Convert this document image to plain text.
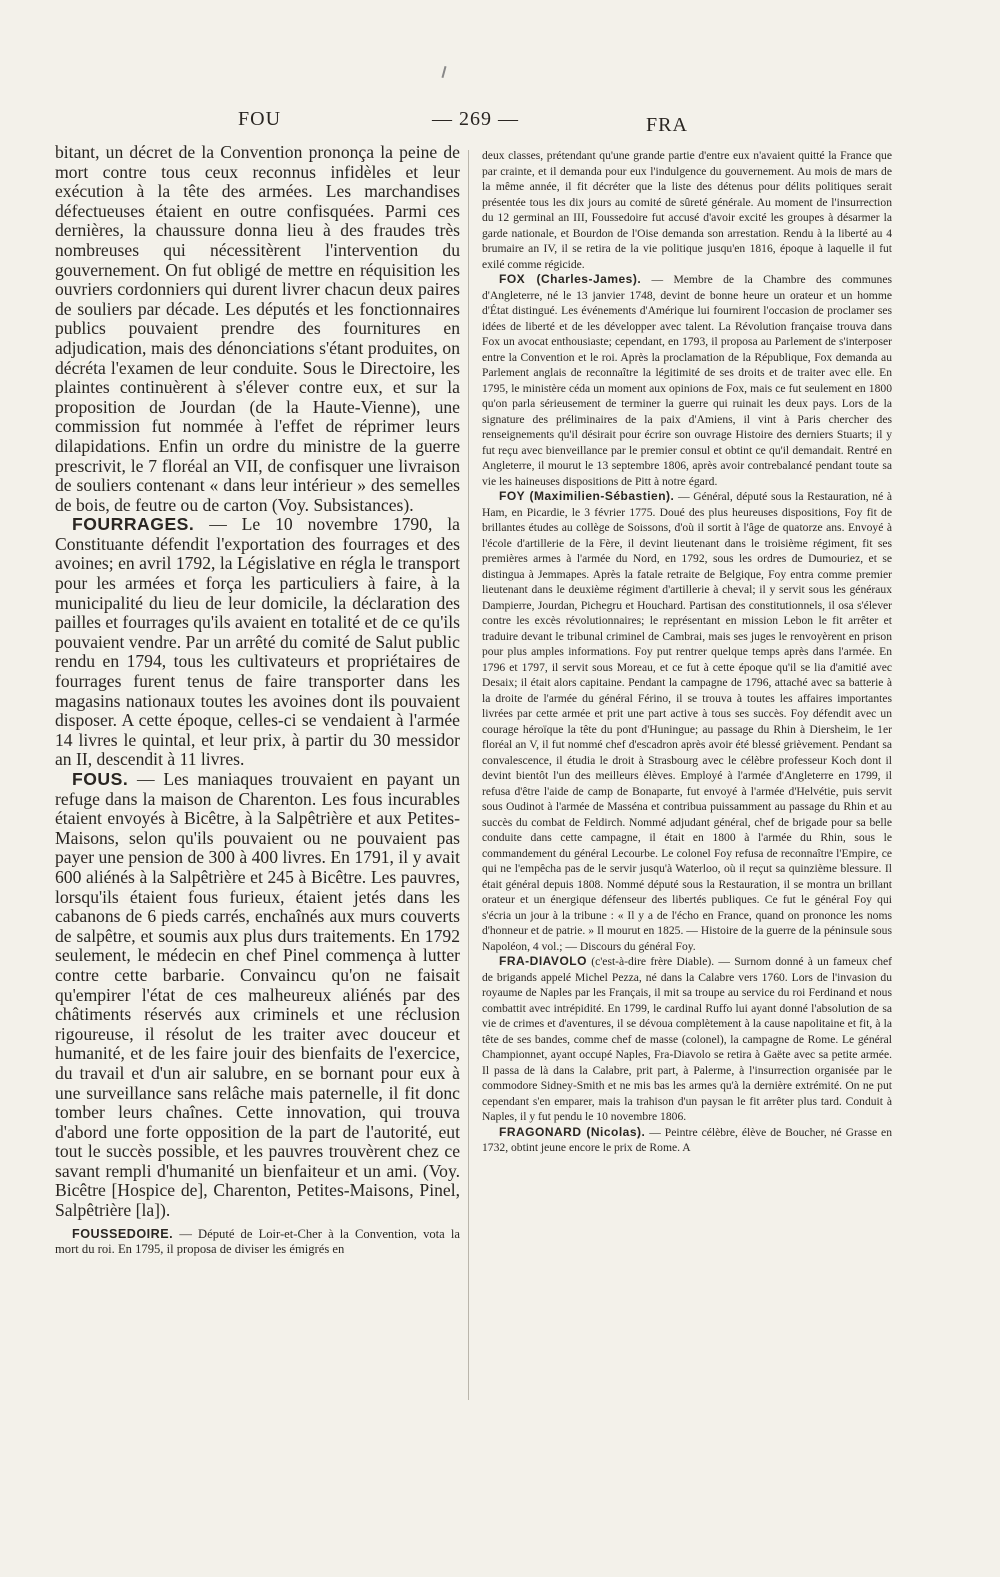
FOU	— 269 —	FRA

bitant, un décret de la Convention prononça la peine de mort contre tous ceux reconnus infidèles et leur exécution à la tête des armées. Les marchandises défectueuses étaient en outre confisquées. Parmi ces dernières, la chaussure donna lieu à des fraudes très nombreuses qui nécessitèrent l'intervention du gouvernement. On fut obligé de mettre en réquisition les ouvriers cordonniers qui durent livrer chacun deux paires de souliers par décade. Les députés et les fonctionnaires publics pouvaient prendre des fournitures en adjudication, mais des dénonciations s'étant produites, on décréta l'examen de leur conduite. Sous le Directoire, les plaintes continuèrent à s'élever contre eux, et sur la proposition de Jourdan (de la Haute-Vienne), une commission fut nommée à l'effet de réprimer leurs dilapidations. Enfin un ordre du ministre de la guerre prescrivit, le 7 floréal an VII, de confisquer une livraison de souliers contenant « dans leur intérieur » des semelles de bois, de feutre ou de carton (Voy. Subsistances).

FOURRAGES. — Le 10 novembre 1790, la Constituante défendit l'exportation des fourrages et des avoines; en avril 1792, la Législative en régla le transport pour les armées et força les particuliers à faire, à la municipalité du lieu de leur domicile, la déclaration des pailles et fourrages qu'ils avaient en totalité et de ce qu'ils pouvaient vendre. Par un arrêté du comité de Salut public rendu en 1794, tous les cultivateurs et propriétaires de fourrages furent tenus de faire transporter dans les magasins nationaux toutes les avoines dont ils pouvaient disposer. A cette époque, celles-ci se vendaient à l'armée 14 livres le quintal, et leur prix, à partir du 30 messidor an II, descendit à 11 livres.

FOUS. — Les maniaques trouvaient en payant un refuge dans la maison de Charenton. Les fous incurables étaient envoyés à Bicêtre, à la Salpêtrière et aux Petites-Maisons, selon qu'ils pouvaient ou ne pouvaient pas payer une pension de 300 à 400 livres. En 1791, il y avait 600 aliénés à la Salpêtrière et 245 à Bicêtre. Les pauvres, lorsqu'ils étaient fous furieux, étaient jetés dans les cabanons de 6 pieds carrés, enchaînés aux murs couverts de salpêtre, et soumis aux plus durs traitements. En 1792 seulement, le médecin en chef Pinel commença à lutter contre cette barbarie. Convaincu qu'on ne faisait qu'empirer l'état de ces malheureux aliénés par des châtiments réservés aux criminels et une réclusion rigoureuse, il résolut de les traiter avec douceur et humanité, et de les faire jouir des bienfaits de l'exercice, du travail et d'un air salubre, en se bornant pour eux à une surveillance sans relâche mais paternelle, il fit donc tomber leurs chaînes. Cette innovation, qui trouva d'abord une forte opposition de la part de l'autorité, eut tout le succès possible, et les pauvres trouvèrent chez ce savant rempli d'humanité un bienfaiteur et un ami. (Voy. Bicêtre [Hospice de], Charenton, Petites-Maisons, Pinel, Salpêtrière [la]).

FOUSSEDOIRE. — Député de Loir-et-Cher à la Convention, vota la mort du roi. En 1795, il proposa de diviser les émigrés en

deux classes, prétendant qu'une grande partie d'entre eux n'avaient quitté la France que par crainte, et il demanda pour eux l'indulgence du gouvernement. Au mois de mars de la même année, il fit décréter que la liste des détenus pour délits politiques serait présentée tous les dix jours au comité de sûreté générale. Au moment de l'insurrection du 12 germinal an III, Foussedoire fut accusé d'avoir excité les groupes à désarmer la garde nationale, et Bourdon de l'Oise demanda son arrestation. Rendu à la liberté au 4 brumaire an IV, il se retira de la vie politique jusqu'en 1816, époque à laquelle il fut exilé comme régicide.

FOX (Charles-James). — Membre de la Chambre des communes d'Angleterre, né le 13 janvier 1748, devint de bonne heure un orateur et un homme d'État distingué. Les événements d'Amérique lui fournirent l'occasion de proclamer ses idées de liberté et de les développer avec talent. La Révolution française trouva dans Fox un avocat enthousiaste; cependant, en 1793, il proposa au Parlement de s'interposer entre la Convention et le roi. Après la proclamation de la République, Fox demanda au Parlement anglais de reconnaître la légitimité de ses droits et de traiter avec elle. En 1795, le ministère céda un moment aux opinions de Fox, mais ce fut seulement en 1800 qu'on parla sérieusement de terminer la guerre qui ruinait les deux pays. Lors de la signature des préliminaires de la paix d'Amiens, il vint à Paris chercher des renseignements qu'il désirait pour écrire son ouvrage Histoire des derniers Stuarts; il y fut reçu avec bienveillance par le premier consul et obtint ce qu'il demandait. Rentré en Angleterre, il mourut le 13 septembre 1806, après avoir contrebalancé pendant toute sa vie les haineuses dispositions de Pitt à notre égard.

FOY (Maximilien-Sébastien). — Général, député sous la Restauration, né à Ham, en Picardie, le 3 février 1775. Doué des plus heureuses dispositions, Foy fit de brillantes études au collège de Soissons, d'où il sortit à l'âge de quatorze ans. Envoyé à l'école d'artillerie de la Fère, il devint lieutenant dans le troisième régiment, fit ses premières armes à l'armée du Nord, en 1792, sous les ordres de Dumouriez, et se distingua à Jemmapes. Après la fatale retraite de Belgique, Foy entra comme premier lieutenant dans le deuxième régiment d'artillerie à cheval; il y servit sous les généraux Dampierre, Jourdan, Pichegru et Houchard. Partisan des constitutionnels, il osa s'élever contre les excès révolutionnaires; le représentant en mission Lebon le fit arrêter et traduire devant le tribunal criminel de Cambrai, mais ses juges le renvoyèrent en prison pour plus amples informations. Foy put rentrer quelque temps après dans l'armée. En 1796 et 1797, il servit sous Moreau, et ce fut à cette époque qu'il se lia d'amitié avec Desaix; il était alors capitaine. Pendant la campagne de 1796, attaché avec sa batterie à la droite de l'armée du général Férino, il se trouva à toutes les affaires importantes livrées par cette armée et prit une part active à tous ses succès. Foy défendit avec un courage héroïque la tête du pont d'Huningue; au passage du Rhin à Diersheim, le 1er floréal an V, il fut nommé chef d'escadron après avoir été blessé grièvement. Pendant sa convalescence, il étudia le droit à Strasbourg avec le célèbre professeur Koch dont il devint bientôt l'un des meilleurs élèves. Employé à l'armée d'Angleterre en 1799, il refusa d'être l'aide de camp de Bonaparte, fut envoyé à l'armée d'Helvétie, puis servit sous Oudinot à l'armée de Masséna et contribua puissamment au passage du Rhin et au succès du combat de Feldirch. Nommé adjudant général, chef de brigade pour sa belle conduite dans cette campagne, il était en 1800 à l'armée du Rhin, sous le commandement du général Lecourbe. Le colonel Foy refusa de reconnaître l'Empire, ce qui ne l'empêcha pas de le servir jusqu'à Waterloo, où il reçut sa quinzième blessure. Il était général depuis 1808. Nommé député sous la Restauration, il se montra un brillant orateur et un énergique défenseur des libertés publiques. Ce fut le général Foy qui s'écria un jour à la tribune : « Il y a de l'écho en France, quand on prononce les noms d'honneur et de patrie. » Il mourut en 1825. — Histoire de la guerre de la péninsule sous Napoléon, 4 vol.; — Discours du général Foy.

FRA-DIAVOLO (c'est-à-dire frère Diable). — Surnom donné à un fameux chef de brigands appelé Michel Pezza, né dans la Calabre vers 1760. Lors de l'invasion du royaume de Naples par les Français, il mit sa troupe au service du roi Ferdinand et nous combattit avec intrépidité. En 1799, le cardinal Ruffo lui ayant donné l'absolution de sa vie de crimes et d'aventures, il se dévoua complètement à la cause napolitaine et fit, à la tête de ses bandes, comme chef de masse (colonel), la campagne de Rome. Le général Championnet, ayant occupé Naples, Fra-Diavolo se retira à Gaëte avec sa petite armée. Il passa de là dans la Calabre, prit part, à Palerme, à l'insurrection organisée par le commodore Sidney-Smith et ne mis bas les armes qu'à la dernière extrémité. On ne put cependant s'en emparer, mais la trahison d'un paysan le fit arrêter plus tard. Conduit à Naples, il y fut pendu le 10 novembre 1806.

FRAGONARD (Nicolas). — Peintre célèbre, élève de Boucher, né Grasse en 1732, obtint jeune encore le prix de Rome. A
